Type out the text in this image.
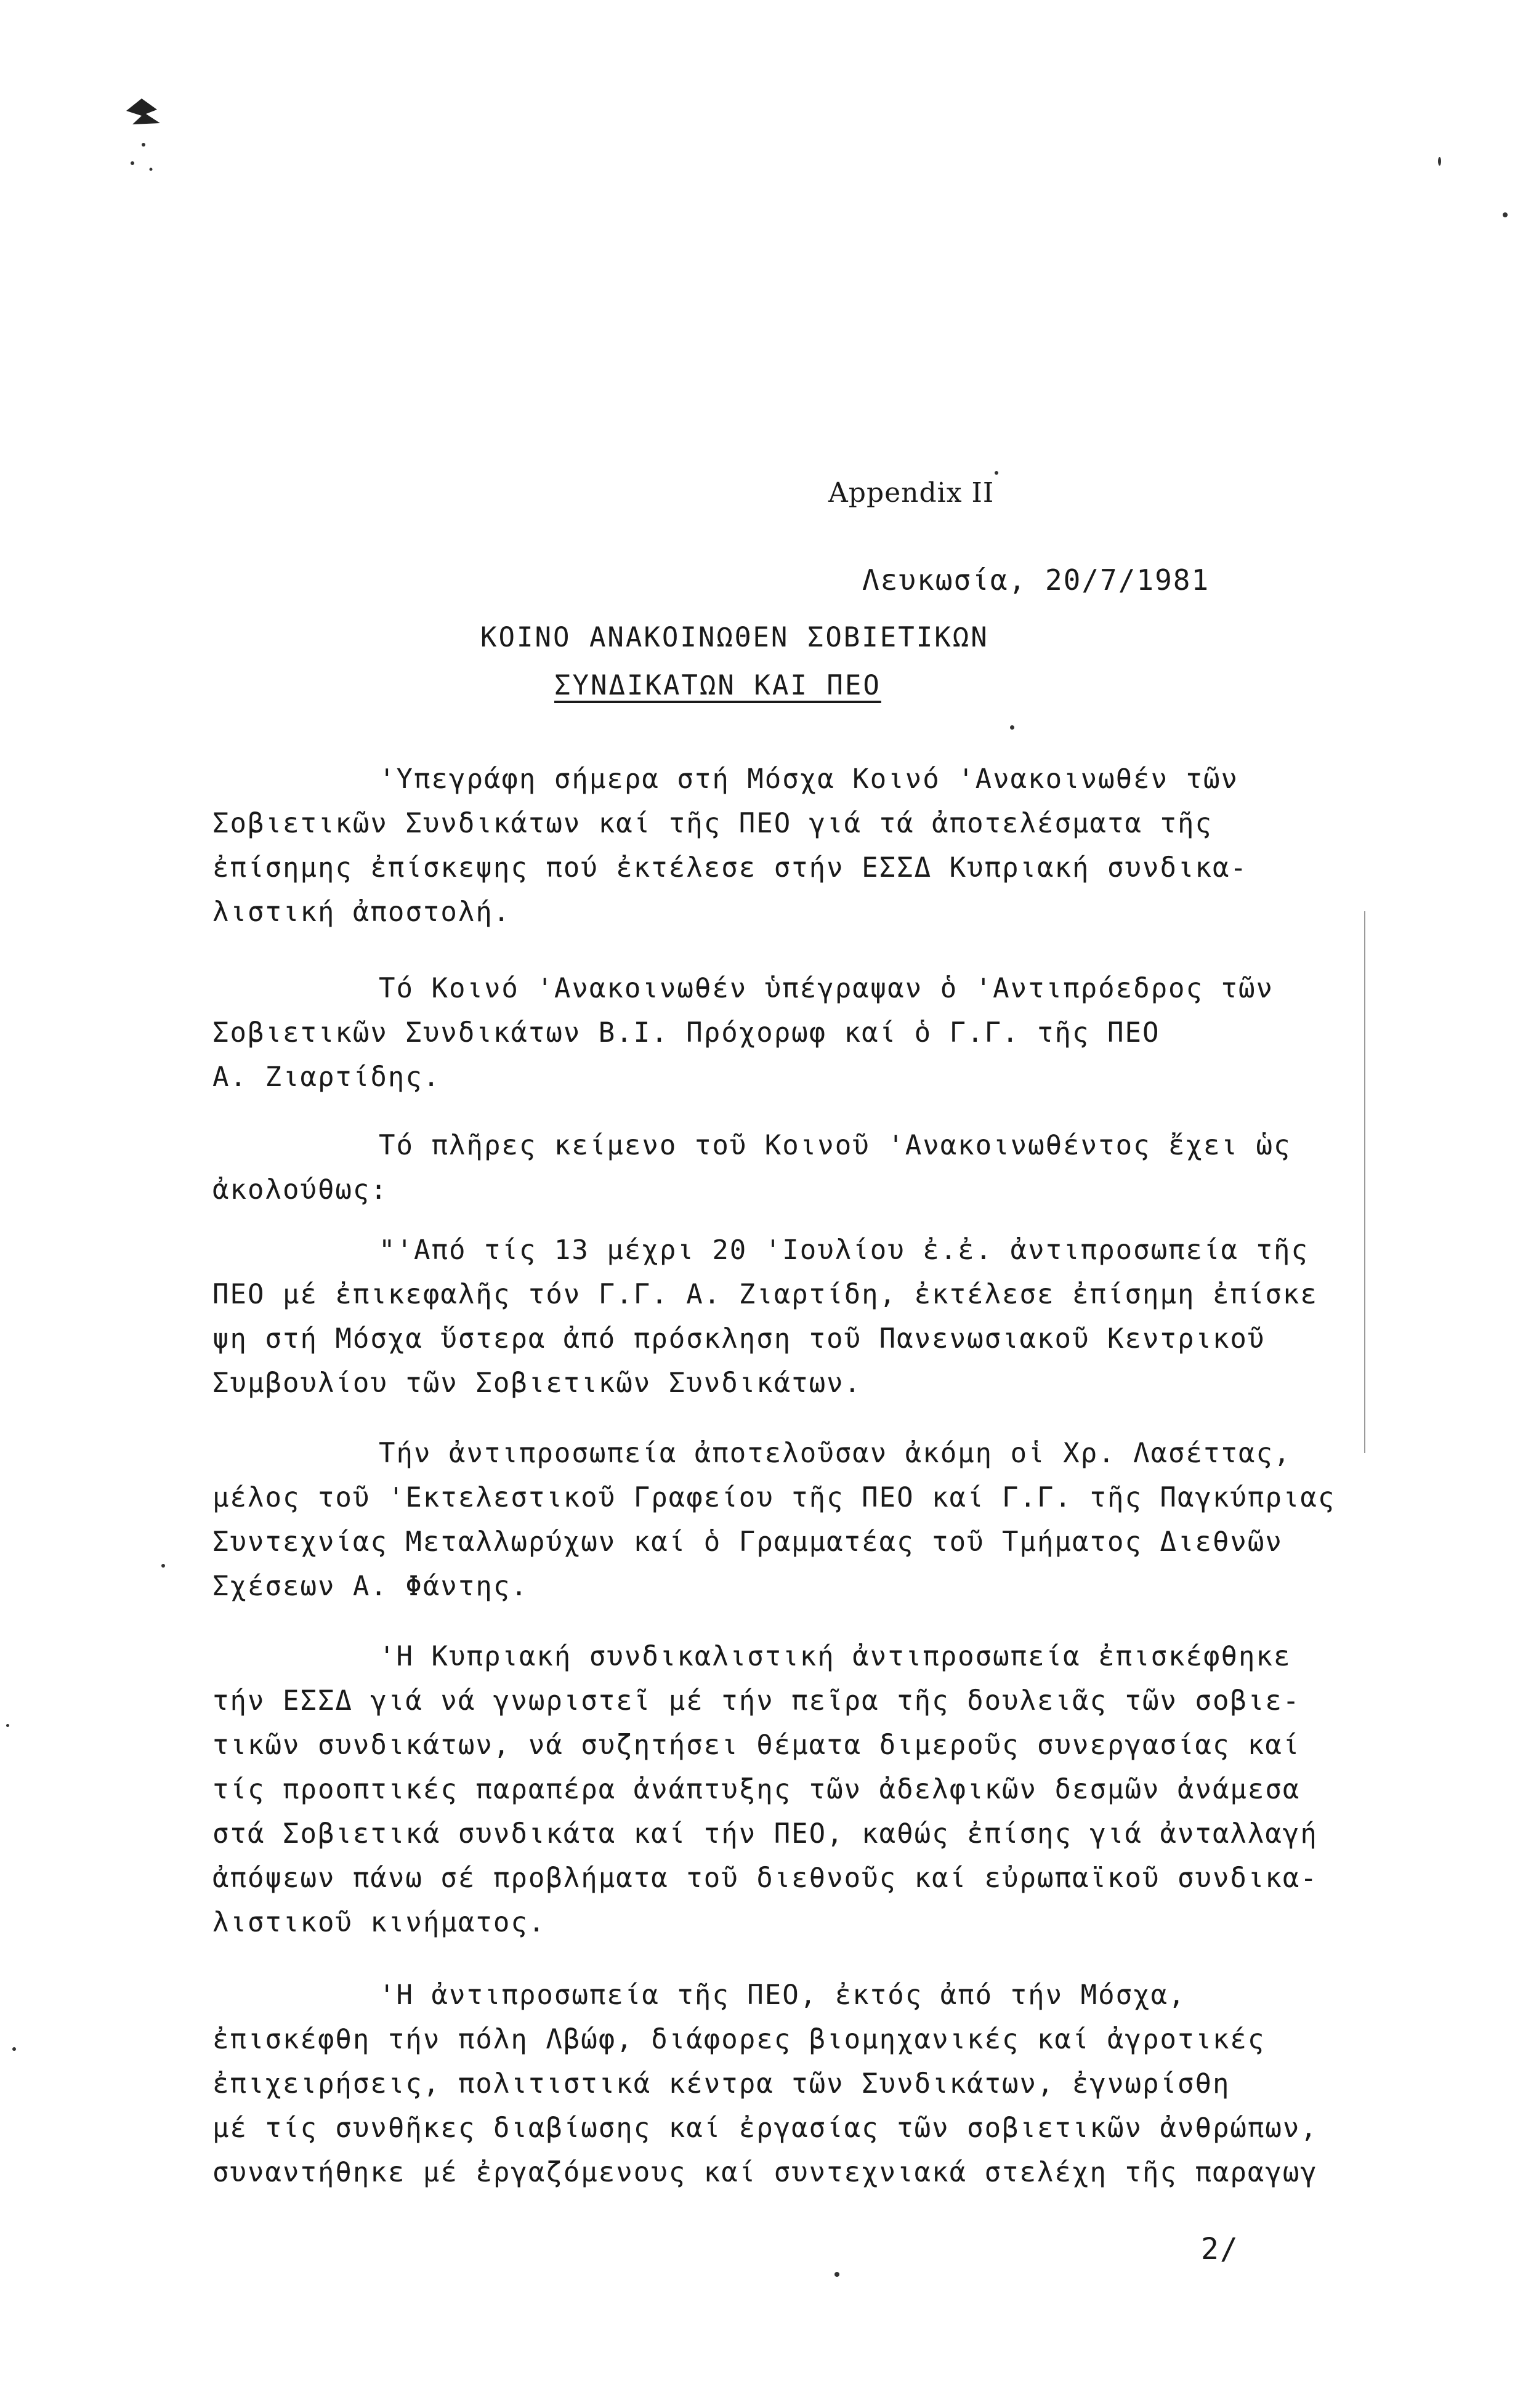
Appendix II
Λευκωσία, 20/7/1981
ΚΟΙΝΟ ΑΝΑΚΟΙΝΩΘΕΝ ΣΟΒΙΕΤΙΚΩΝ
ΣΥΝΔΙΚΑΤΩΝ ΚΑΙ ΠΕΟ
'Υπεγράφη σήμερα στή Μόσχα Κοινό 'Ανακοινωθέν τῶν
Σοβιετικῶν Συνδικάτων καί τῆς ΠΕΟ γιά τά ἀποτελέσματα τῆς
ἐπίσημης ἐπίσκεψης πού ἐκτέλεσε στήν ΕΣΣΔ Κυπριακή συνδικα-
λιστική ἀποστολή.
Τό Κοινό 'Ανακοινωθέν ὑπέγραψαν ὁ 'Αντιπρόεδρος τῶν
Σοβιετικῶν Συνδικάτων Β.Ι. Πρόχορωφ καί ὁ Γ.Γ. τῆς ΠΕΟ
Α. Ζιαρτίδης.
Τό πλῆρες κείμενο τοῦ Κοινοῦ 'Ανακοινωθέντος ἔχει ὡς
ἀκολούθως:
"'Από τίς 13 μέχρι 20 'Ιουλίου ἐ.ἐ. ἀντιπροσωπεία τῆς
ΠΕΟ μέ ἐπικεφαλῆς τόν Γ.Γ. Α. Ζιαρτίδη, ἐκτέλεσε ἐπίσημη ἐπίσκε
ψη στή Μόσχα ὕστερα ἀπό πρόσκληση τοῦ Πανενωσιακοῦ Κεντρικοῦ
Συμβουλίου τῶν Σοβιετικῶν Συνδικάτων.
Τήν ἀντιπροσωπεία ἀποτελοῦσαν ἀκόμη οἱ Χρ. Λασέττας,
μέλος τοῦ 'Εκτελεστικοῦ Γραφείου τῆς ΠΕΟ καί Γ.Γ. τῆς Παγκύπριας
Συντεχνίας Μεταλλωρύχων καί ὁ Γραμματέας τοῦ Τμήματος Διεθνῶν
Σχέσεων Α. Φάντης.
'Η Κυπριακή συνδικαλιστική ἀντιπροσωπεία ἐπισκέφθηκε
τήν ΕΣΣΔ γιά νά γνωριστεῖ μέ τήν πεῖρα τῆς δουλειᾶς τῶν σοβιε-
τικῶν συνδικάτων, νά συζητήσει θέματα διμεροῦς συνεργασίας καί
τίς προοπτικές παραπέρα ἀνάπτυξης τῶν ἀδελφικῶν δεσμῶν ἀνάμεσα
στά Σοβιετικά συνδικάτα καί τήν ΠΕΟ, καθώς ἐπίσης γιά ἀνταλλαγή
ἀπόψεων πάνω σέ προβλήματα τοῦ διεθνοῦς καί εὐρωπαϊκοῦ συνδικα-
λιστικοῦ κινήματος.
'Η ἀντιπροσωπεία τῆς ΠΕΟ, ἐκτός ἀπό τήν Μόσχα,
ἐπισκέφθη τήν πόλη Λβώφ, διάφορες βιομηχανικές καί ἀγροτικές
ἐπιχειρήσεις, πολιτιστικά κέντρα τῶν Συνδικάτων, ἐγνωρίσθη
μέ τίς συνθῆκες διαβίωσης καί ἐργασίας τῶν σοβιετικῶν ἀνθρώπων,
συναντήθηκε μέ ἐργαζόμενους καί συντεχνιακά στελέχη τῆς παραγωγ
2/
